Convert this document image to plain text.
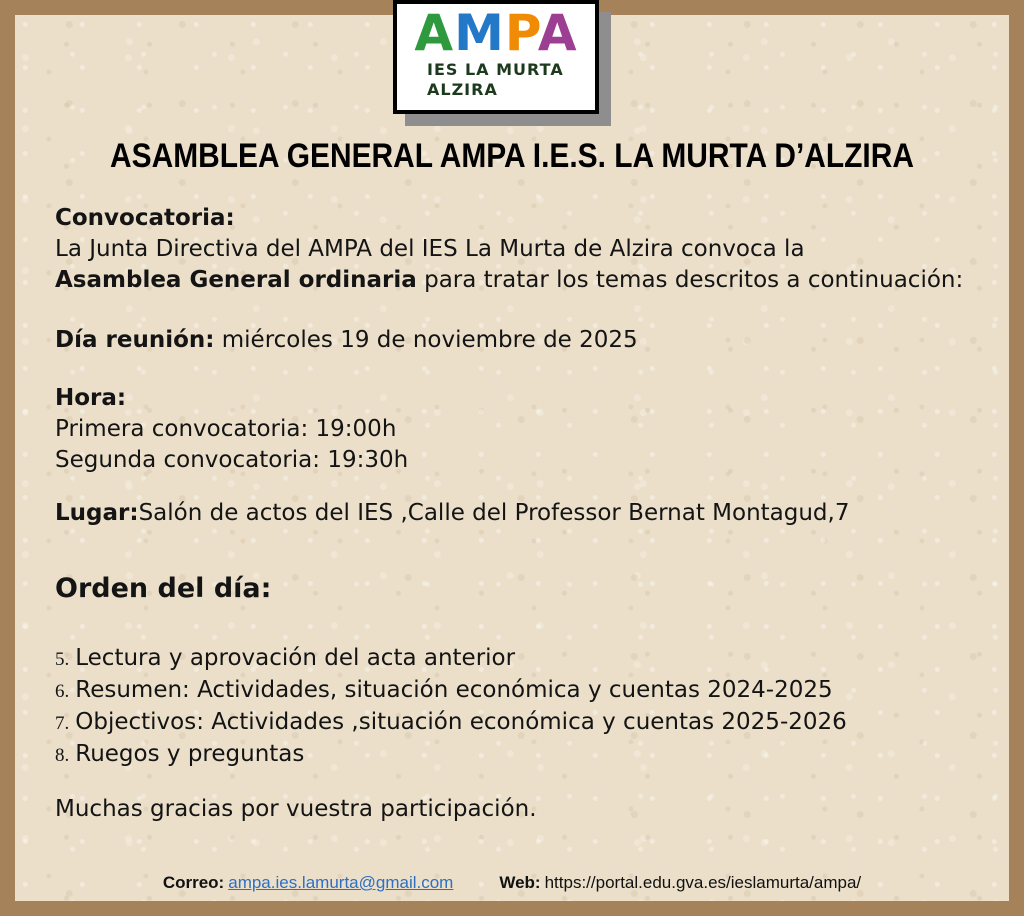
AMPA
IES LA MURTA
ALZIRA
ASAMBLEA GENERAL AMPA I.E.S. LA MURTA D’ALZIRA
Convocatoria:
La Junta Directiva del AMPA del IES La Murta de Alzira convoca la
Asamblea General ordinaria para tratar los temas descritos a continuación:
Día reunión: miércoles 19 de noviembre de 2025
Hora:
Primera convocatoria: 19:00h
Segunda convocatoria: 19:30h
Lugar:Salón de actos del IES ,Calle del Professor Bernat Montagud,7
Orden del día:
5. Lectura y aprovación del acta anterior
6. Resumen: Actividades, situación económica y cuentas 2024-2025
7. Objectivos: Actividades ,situación económica y cuentas 2025-2026
8. Ruegos y preguntas
Muchas gracias por vuestra participación.
Correo: ampa.ies.lamurta@gmail.com	Web: https://portal.edu.gva.es/ieslamurta/ampa/
